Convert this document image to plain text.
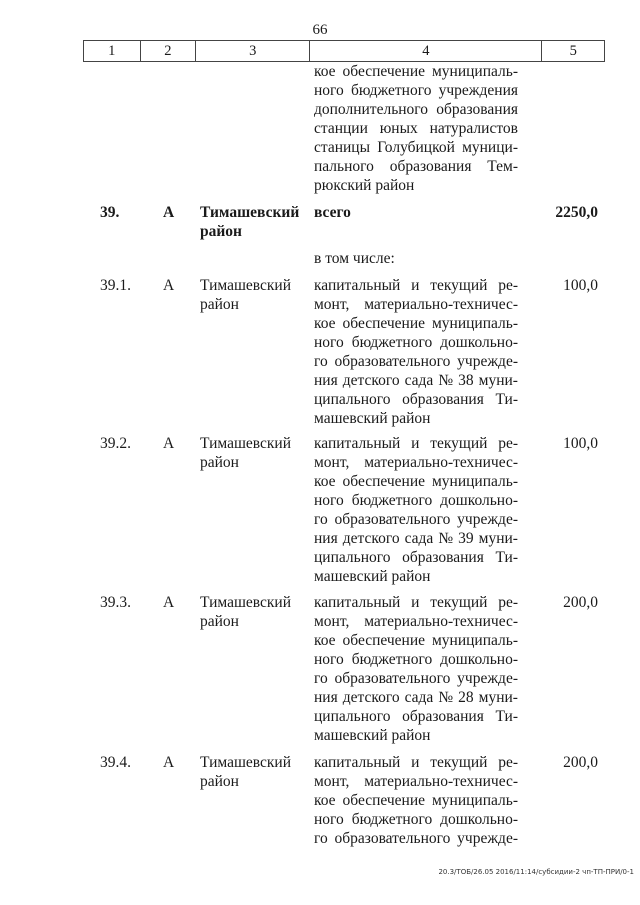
66
1	2	3	4	5
кое обеспечение муниципаль-
ного бюджетного учреждения
дополнительного образования
станции юных натуралистов
станицы Голубицкой муници-
пального образования Тем-
рюкский район
39.	А	Тимашевский район
всего	2250,0
в том числе:
39.1.	А	Тимашевский район
капитальный и текущий ре-
монт, материально-техничес-
кое обеспечение муниципаль-
ного бюджетного дошкольно-
го образовательного учрежде-
ния детского сада № 38 муни-
ципального образования Ти-
машевский район
100,0
39.2.	А	Тимашевский район
капитальный и текущий ре-
монт, материально-техничес-
кое обеспечение муниципаль-
ного бюджетного дошкольно-
го образовательного учрежде-
ния детского сада № 39 муни-
ципального образования Ти-
машевский район
100,0
39.3.	А	Тимашевский район
капитальный и текущий ре-
монт, материально-техничес-
кое обеспечение муниципаль-
ного бюджетного дошкольно-
го образовательного учрежде-
ния детского сада № 28 муни-
ципального образования Ти-
машевский район
200,0
39.4.	А	Тимашевский район
капитальный и текущий ре-
монт, материально-техничес-
кое обеспечение муниципаль-
ного бюджетного дошкольно-
го образовательного учрежде-
200,0
20.3/ТОБ/26.05 2016/11:14/субсидии-2 чп-ТП-ПРИ/0-1
